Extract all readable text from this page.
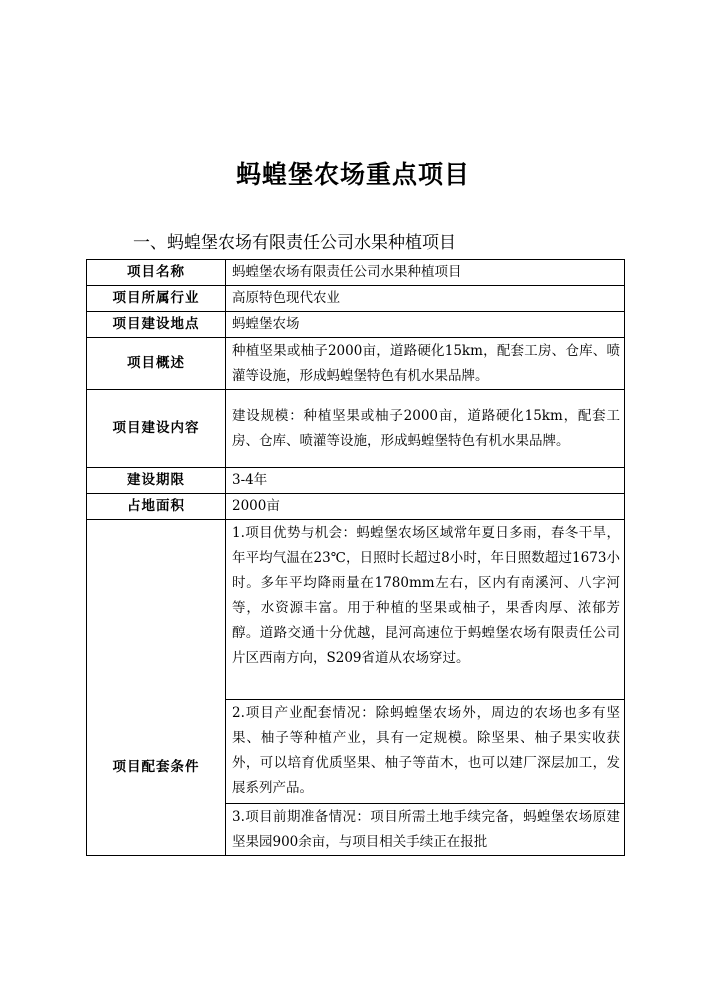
蚂蝗堡农场重点项目
一、蚂蝗堡农场有限责任公司水果种植项目
项目名称	蚂蝗堡农场有限责任公司水果种植项目
项目所属行业	高原特色现代农业
项目建设地点	蚂蝗堡农场
项目概述	种植坚果或柚子2000亩，道路硬化15km，配套工房、仓库、喷灌等设施，形成蚂蝗堡特色有机水果品牌。
项目建设内容	建设规模：种植坚果或柚子2000亩，道路硬化15km，配套工房、仓库、喷灌等设施，形成蚂蝗堡特色有机水果品牌。
建设期限	3-4年
占地面积	2000亩
项目配套条件	1.项目优势与机会：蚂蝗堡农场区域常年夏日多雨，春冬干旱，年平均气温在23℃，日照时长超过8小时，年日照数超过1673小时。多年平均降雨量在1780mm左右，区内有南溪河、八字河等，水资源丰富。用于种植的坚果或柚子，果香肉厚、浓郁芳醇。道路交通十分优越，昆河高速位于蚂蝗堡农场有限责任公司片区西南方向，S209省道从农场穿过。
	2.项目产业配套情况：除蚂蝗堡农场外，周边的农场也多有坚果、柚子等种植产业，具有一定规模。除坚果、柚子果实收获外，可以培育优质坚果、柚子等苗木，也可以建厂深层加工，发展系列产品。
	3.项目前期准备情况：项目所需土地手续完备，蚂蝗堡农场原建坚果园900余亩，与项目相关手续正在报批
